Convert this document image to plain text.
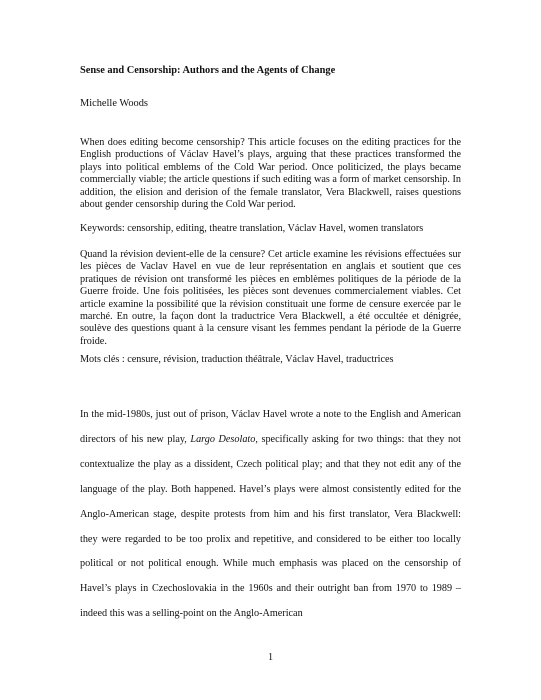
Sense and Censorship: Authors and the Agents of Change
Michelle Woods

When does editing become censorship? This article focuses on the editing practices for the English productions of Václav Havel’s plays, arguing that these practices transformed the plays into political emblems of the Cold War period. Once politicized, the plays became commercially viable; the article questions if such editing was a form of market censorship. In addition, the elision and derision of the female translator, Vera Blackwell, raises questions about gender censorship during the Cold War period.

Keywords: censorship, editing, theatre translation, Václav Havel, women translators

Quand la révision devient-elle de la censure? Cet article examine les révisions effectuées sur les pièces de Vaclav Havel en vue de leur représentation en anglais et soutient que ces pratiques de révision ont transformé les pièces en emblèmes politiques de la période de la Guerre froide. Une fois politisées, les pièces sont devenues commercialement viables. Cet article examine la possibilité que la révision constituait une forme de censure exercée par le marché. En outre, la façon dont la traductrice Vera Blackwell, a été occultée et dénigrée, soulève des questions quant à la censure visant les femmes pendant la période de la Guerre froide.

Mots clés : censure, révision, traduction théâtrale, Václav Havel, traductrices

In the mid-1980s, just out of prison, Václav Havel wrote a note to the English and American directors of his new play, Largo Desolato, specifically asking for two things: that they not contextualize the play as a dissident, Czech political play; and that they not edit any of the language of the play. Both happened. Havel’s plays were almost consistently edited for the Anglo-American stage, despite protests from him and his first translator, Vera Blackwell: they were regarded to be too prolix and repetitive, and considered to be either too locally political or not political enough. While much emphasis was placed on the censorship of Havel’s plays in Czechoslovakia in the 1960s and their outright ban from 1970 to 1989 – indeed this was a selling-point on the Anglo-American

1
